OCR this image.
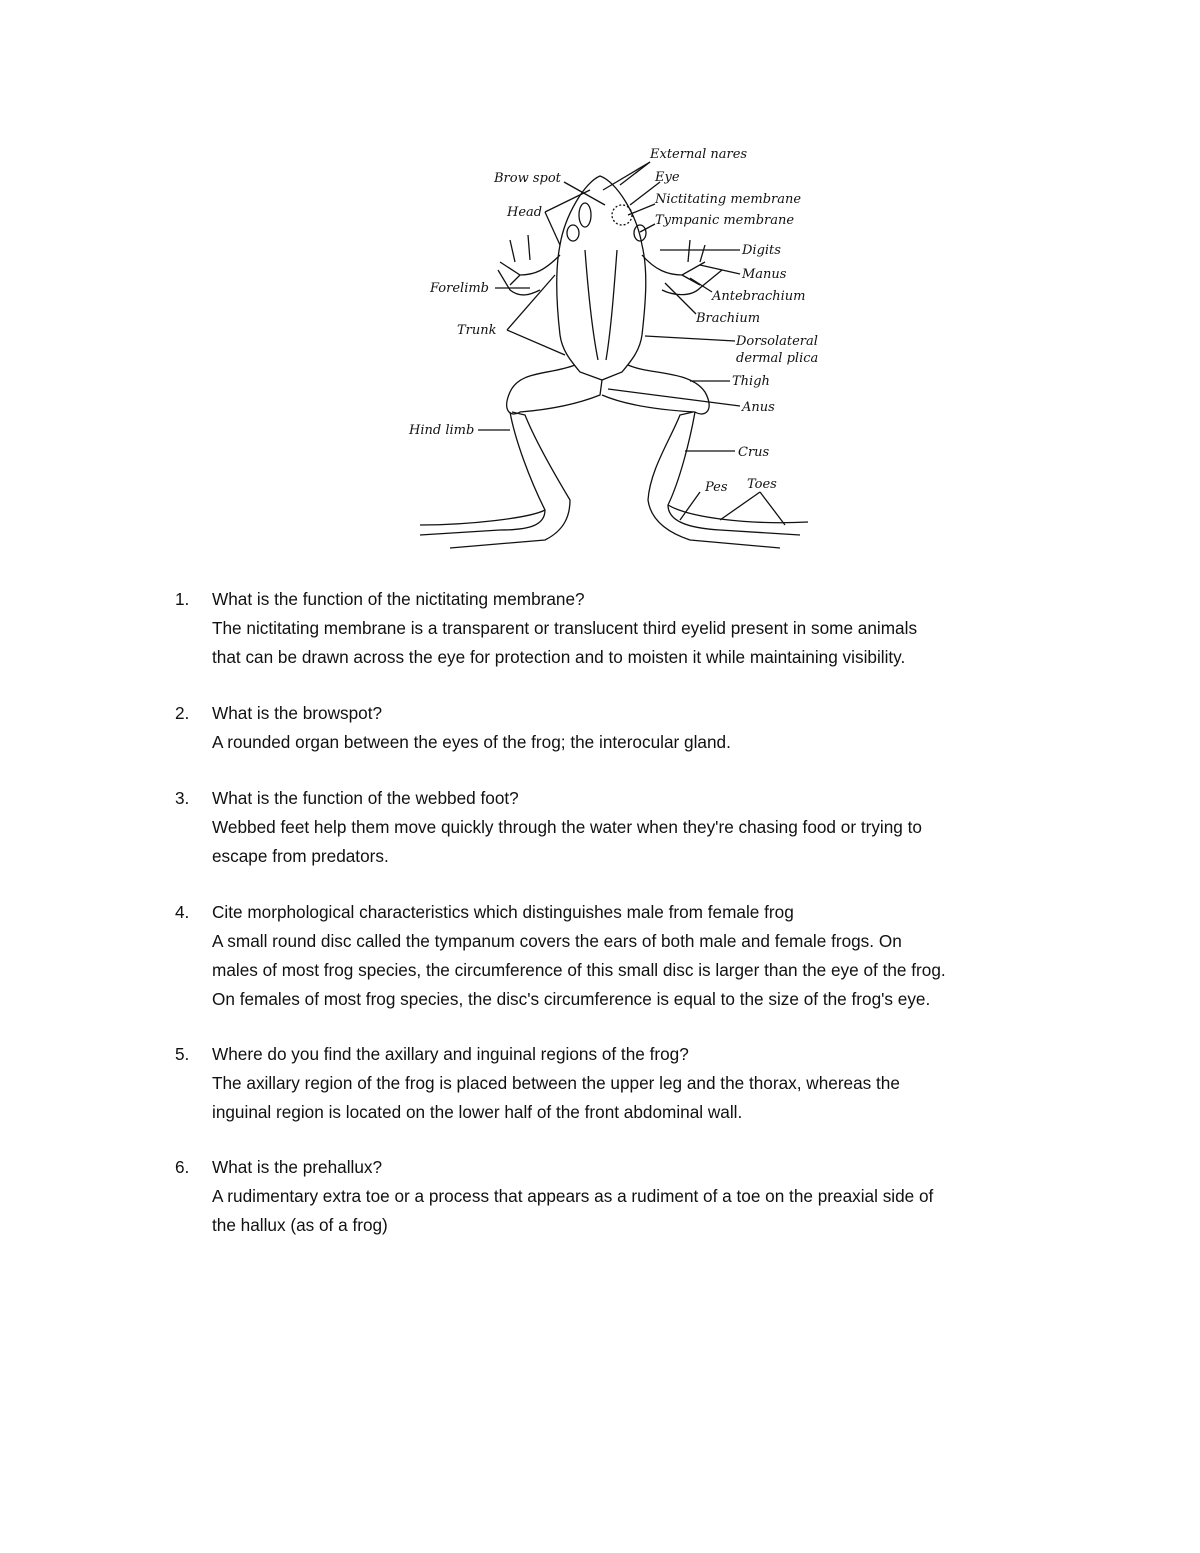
External nares
Brow spot	Eye
Head
Nictitating membrane
Tympanic membrane
Digits
Manus
Forelimb
Antebrachium
Brachium
Trunk
Dorsolateral
dermal plica
Thigh
Anus
Hind limb
Crus
Pes Toes
1. What is the function of the nictitating membrane?
The nictitating membrane is a transparent or translucent third eyelid present in some animals
that can be drawn across the eye for protection and to moisten it while maintaining visibility.
2. What is the browspot?
A rounded organ between the eyes of the frog; the interocular gland.
3. What is the function of the webbed foot?
Webbed feet help them move quickly through the water when they're chasing food or trying to
escape from predators.
4. Cite morphological characteristics which distinguishes male from female frog
A small round disc called the tympanum covers the ears of both male and female frogs. On
males of most frog species, the circumference of this small disc is larger than the eye of the frog.
On females of most frog species, the disc's circumference is equal to the size of the frog's eye.
5. Where do you find the axillary and inguinal regions of the frog?
The axillary region of the frog is placed between the upper leg and the thorax, whereas the
inguinal region is located on the lower half of the front abdominal wall.
6. What is the prehallux?
A rudimentary extra toe or a process that appears as a rudiment of a toe on the preaxial side of
the hallux (as of a frog)
